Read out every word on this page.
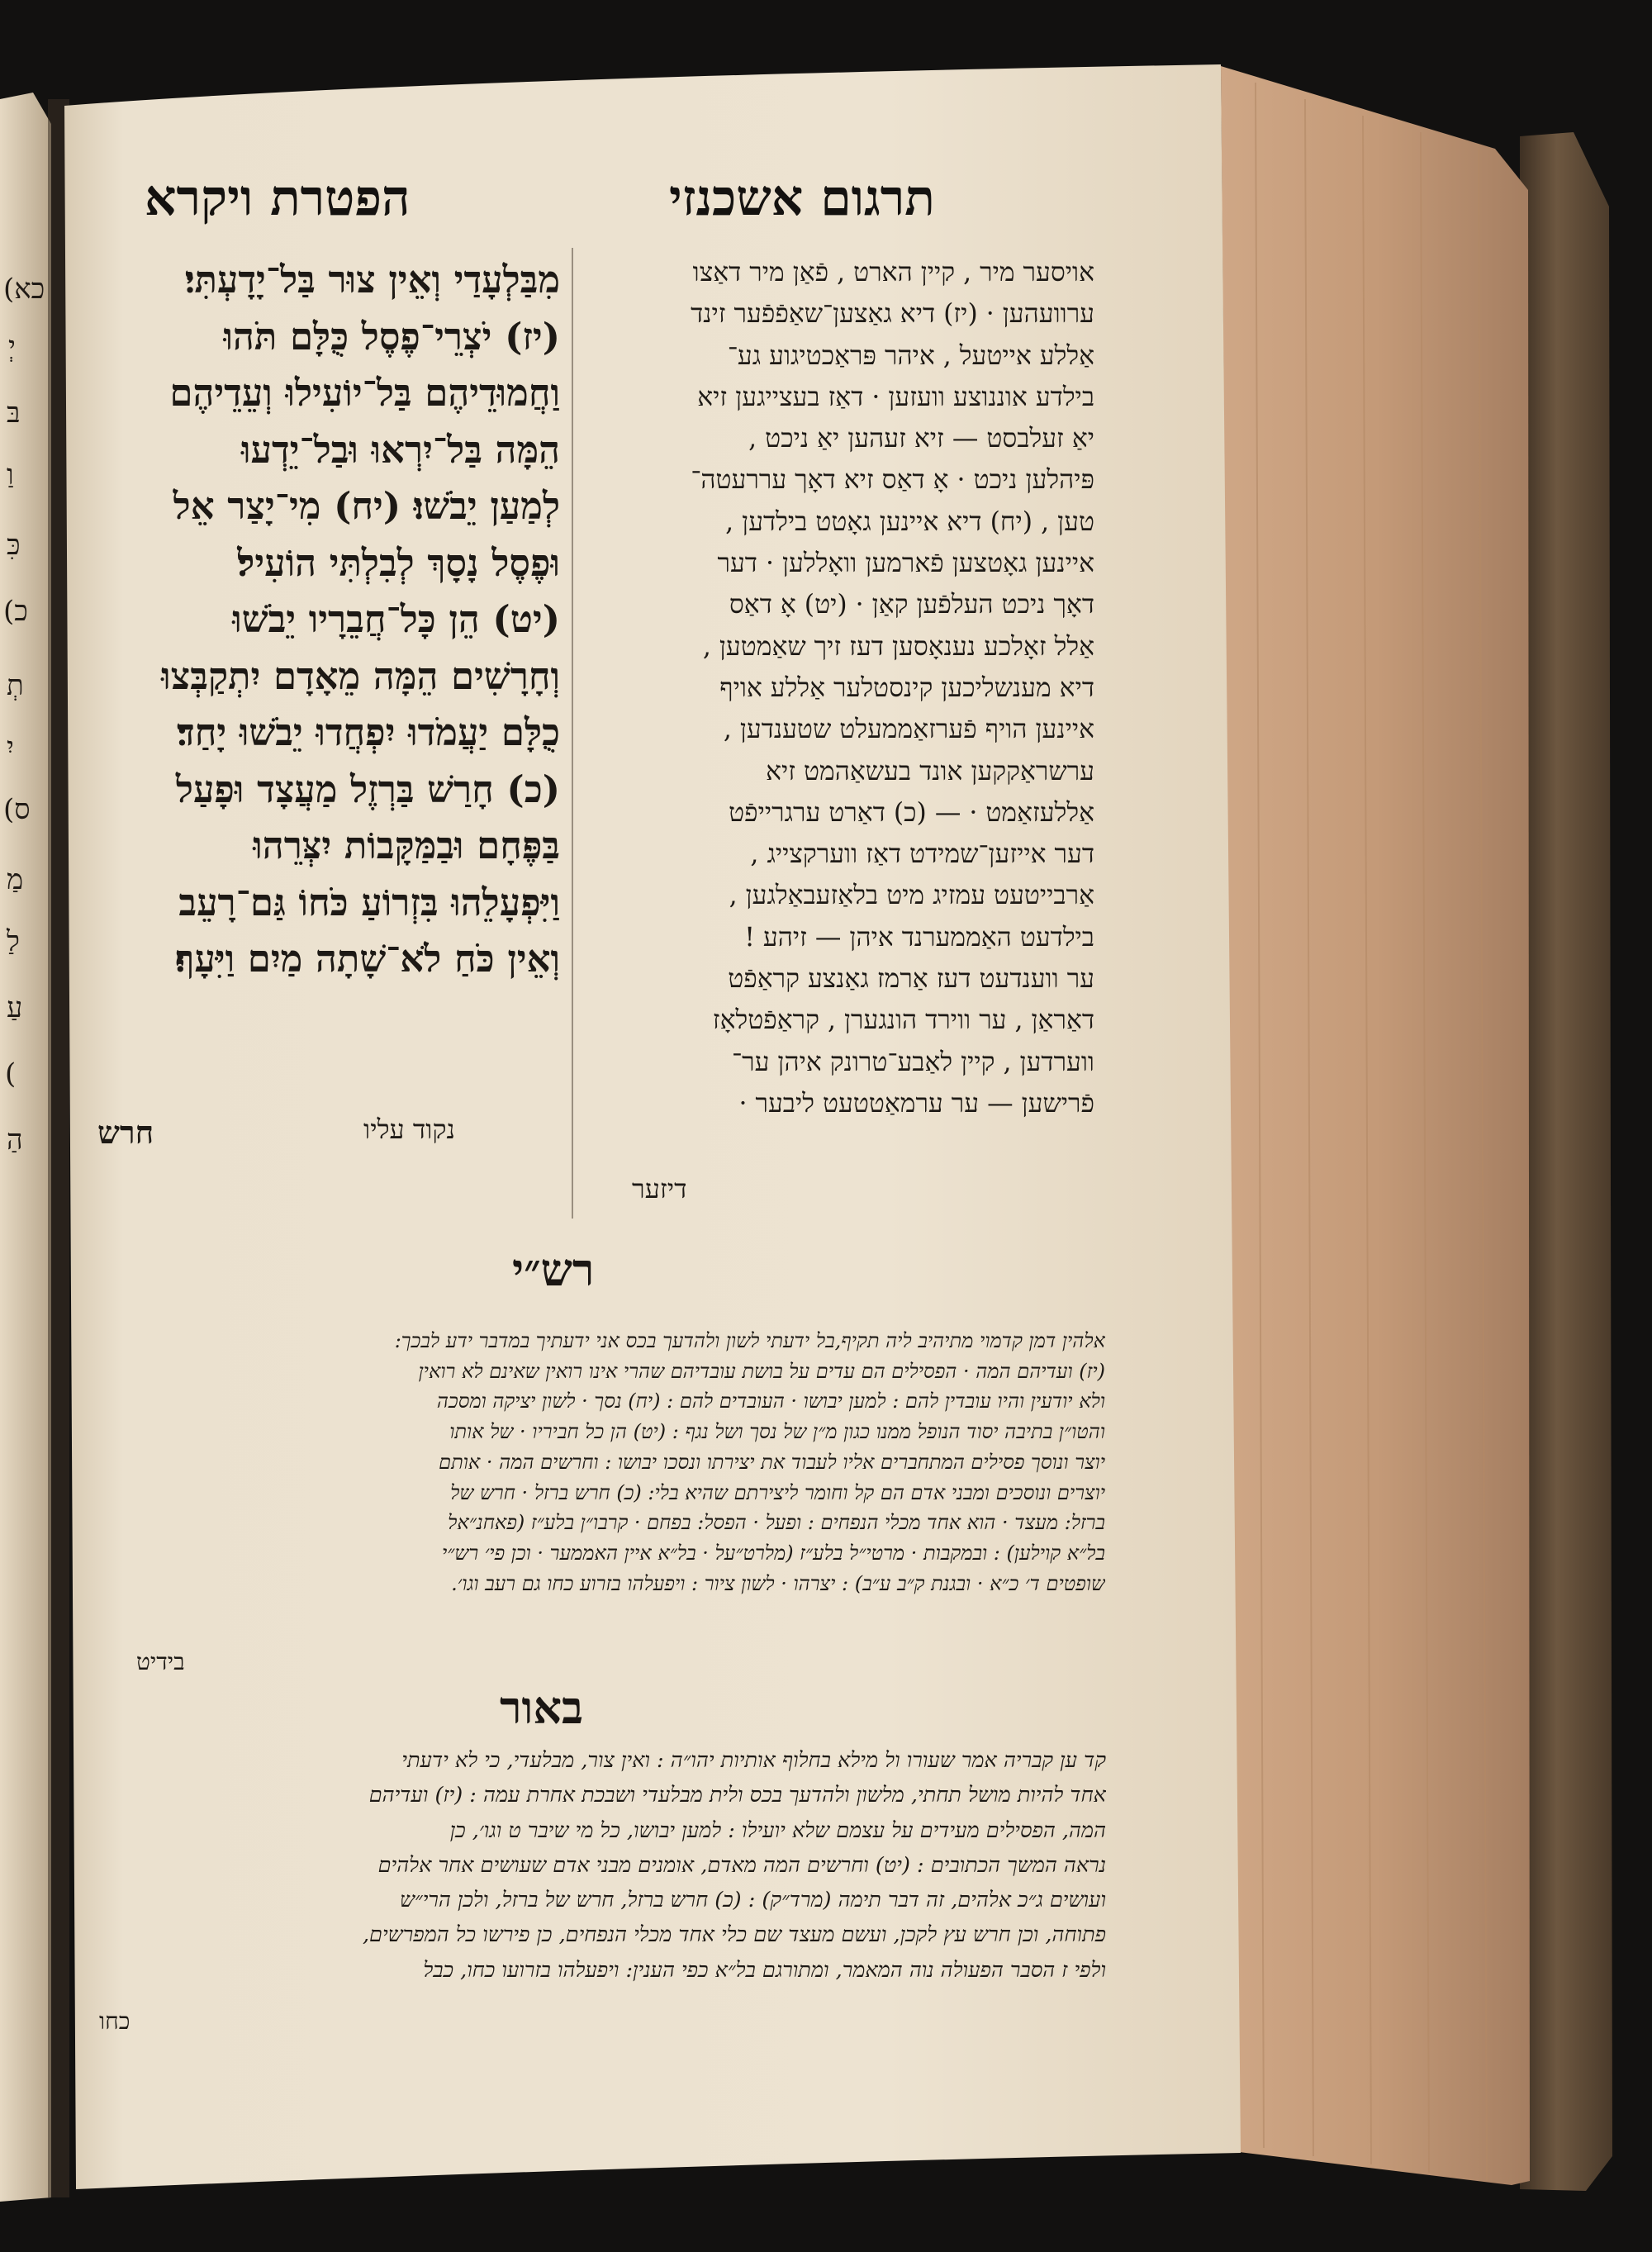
(כא
יְ
בּ
וַ
כִּ
(כ
תְ
יִ
(ס
מַ
לַ
עַ
(
הַ
הפטרת ויקרא	תרגום אשכנזי
מִבַּלְעָדַי וְאֵין צוּר בַּל־יָדָעְתִּי׃
(יז) יֹצְרֵי־פֶסֶל כֻּלָּם תֹּהוּ
וַחֲמוּדֵיהֶם בַּל־יוֹעִילוּ וְעֵדֵיהֶם
הֵמָּה בַּל־יִרְאוּ וּבַל־יֵדְעוּ
לְמַעַן יֵבֹשׁוּ׃ (יח) מִי־יָצַר אֵל
וּפֶסֶל נָסָךְ לְבִלְתִּי הוֹעִיל׃
(יט) הֵן כָּל־חֲבֵרָיו יֵבֹשׁוּ
וְחָרָשִׁים הֵמָּה מֵאָדָם יִתְקַבְּצוּ
כֻלָּם יַעֲמֹדוּ יִפְחֲדוּ יֵבֹשׁוּ יָחַד׃
(כ) חָרַשׁ בַּרְזֶל מַעֲצָד וּפָעַל
בַּפֶּחָם וּבַמַּקָּבוֹת יִצְּרֵהוּ
וַיִּפְעָלֵהוּ בִּזְרוֹעַ כֹּחוֹ גַּם־רָעֵב
וְאֵין כֹּחַ לֹא־שָׁתָה מַיִם וַיִּעָף׃
נקוד עליו
חרש
אויסער מיר , קיין הארט , פֿאַן מיר דאַצו
ערוועהען · (יז) דיא גאַצען־שאַפֿפֿער זינד
אַללע אייטעל , איהר פּראַכטיגוע גע־
בילדע אוננוצע וועזען · דאַז בעצייגען זיא
יאַ זעלבסט — זיא זעהען יאַ ניכט ,
פּיהלען ניכט · אָ דאַס זיא דאָך עררעטה־
טען , (יח) דיא איינען גאָטט בילדען ,
איינען גאָטצען פֿארמען וואָללען · דער
דאָך ניכט העלפֿען קאַן · (יט) אָ דאַס
אַלל זאָלכע נענאָסען דעז זיך שאַמטען ,
דיא מענשליכען קינסטלער אַללע אויף
איינען הויף פֿערזאַממעלט שטענדען ,
ערשראַקקען אונד בעשאַהמט זיא
אַללעזאַמט · — (כ) דאַרט ערגרייפֿט
דער אייזען־שמידט דאַז ווערקצייג ,
אַרבייטעט עמזיג מיט בלאַזעבאַלגען ,
בילדעט האַממערנד איהן — זיהע !
ער ווענדעט דעז אַרמז גאַנצע קראַפֿט
דאַראַן , ער ווירד הונגערן , קראַפֿטלאָז
ווערדען , קיין לאַבע־טרונק איהן ער־
פֿרישען — ער ערמאַטטעט ליבער ·
דיזער
רש״י
אלהין דמן קדמוי מתיהיב ליה תקיף,בל ידעתי לשון ולהדעך בכס אני ידעתיך במדבר ידע לבכך:
(יז) ועדיהם המה · הפסילים הם עדים על בושת עובדיהם שהרי אינו רואין שאינם לא רואין
ולא יודעין והיו עובדין להם : למען יבושו · העובדים להם : (יח) נסך · לשון יציקה ומסכה
והטו״ן בתיבה יסוד הנופל ממנו כגון מ״ן של נסך ושל נגף : (יט) הן כל חביריו · של אותו
יוצר ונוסך פסילים המתחברים אליו לעבוד את יצירתו ונסכו יבושו : וחרשים המה · אותם
יוצרים ונוסכים ומבני אדם הם קל וחומר ליצירתם שהיא בלי: (כ) חרש ברזל · חרש של
ברזל: מעצד · הוא אחד מכלי הנפחים : ופעל · הפסל: בפחם · קרבו״ן בלע״ז (פאחנ״אל
בל״א קוילען) : ובמקבות · מרטי״ל בלע״ז (מלרט״על · בל״א איין האממער · וכן פי׳ רש״י
שופטים ד׳ כ״א · ובגנת ק״ב ע״ב) : יצרהו · לשון ציור : ויפעלהו בזרוע כחו גם רעב וגו׳.
בידיט
באור
קד ען קבריה אמר שעורו ול מילא בחלוף אותיות יהו״ה : ואין צור, מבלעדי, כי לא ידעתי
אחד להיות מושל תחתי, מלשון ולהדעך בכס ולית מבלעדי ושבכת אחרת עמה : (יז) ועדיהם
המה, הפסילים מעידים על עצמם שלא יועילו : למען יבושו, כל מי שיבר ט וגו׳, כן
נראה המשך הכתובים : (יט) וחרשים המה מאדם, אומנים מבני אדם שעושים אחר אלהים
ועושים ג״כ אלהים, זה דבר תימה (מרד״ק) : (כ) חרש ברזל, חרש של ברזל, ולכן הרי״ש
פתוחה, וכן חרש עץ לקכן, ועשם מעצד שם כלי אחד מכלי הנפחים, כן פירשו כל המפרשים,
ולפי ז הסבר הפעולה נוה המאמר, ומתורגם בל״א כפי הענין: ויפעלהו בזרועו כחו, כבל
כחו
